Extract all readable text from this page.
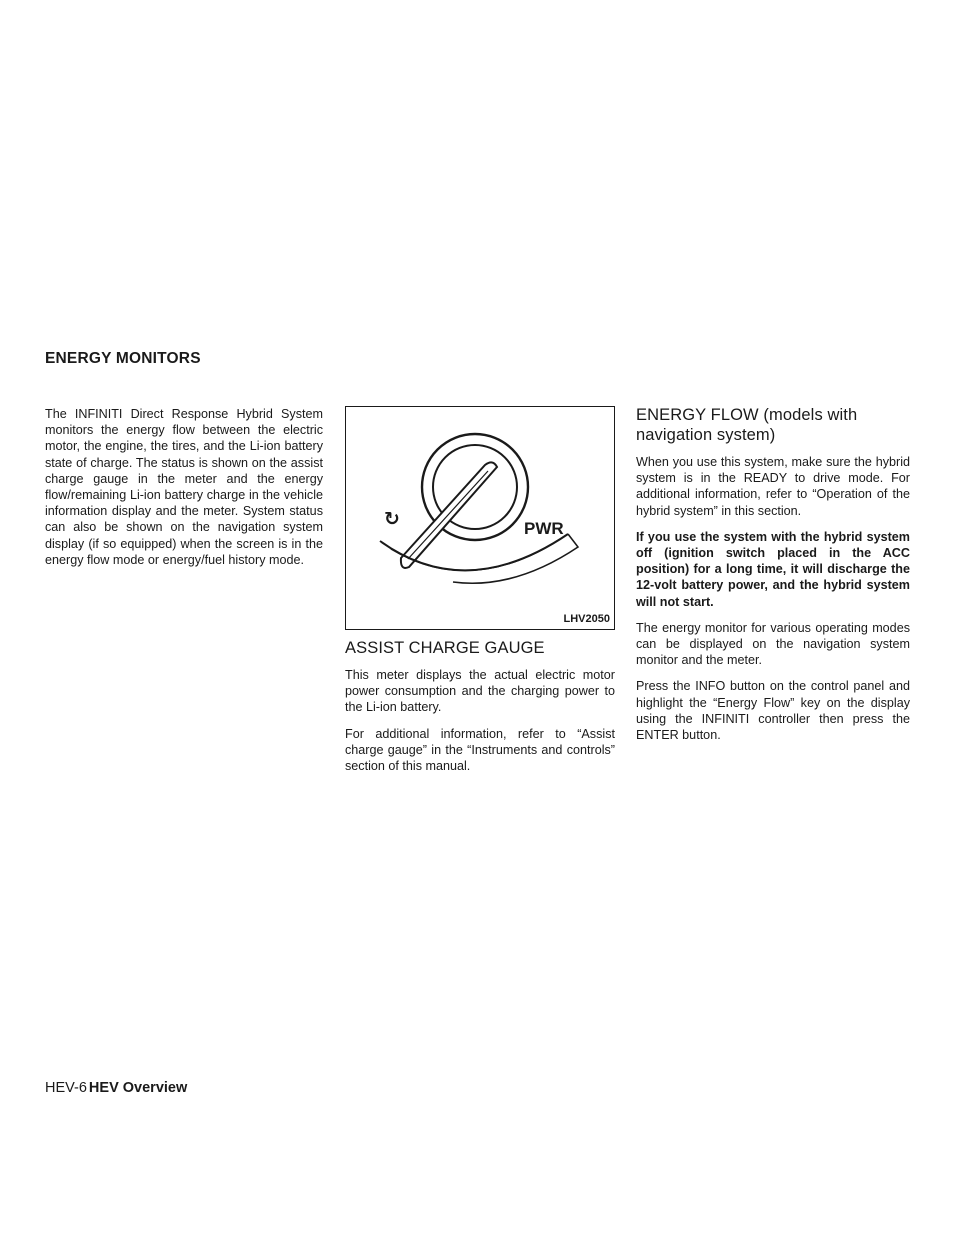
ENERGY MONITORS

The INFINITI Direct Response Hybrid System monitors the energy flow between the electric motor, the engine, the tires, and the Li-ion battery state of charge. The status is shown on the assist charge gauge in the meter and the energy flow/remaining Li-ion battery charge in the vehicle information display and the meter. System status can also be shown on the navigation system display (if so equipped) when the screen is in the energy flow mode or energy/fuel history mode.

↻	PWR
LHV2050
ASSIST CHARGE GAUGE

This meter displays the actual electric motor power consumption and the charging power to the Li-ion battery.

For additional information, refer to “Assist charge gauge” in the “Instruments and controls” section of this manual.

ENERGY FLOW (models with navigation system)

When you use this system, make sure the hybrid system is in the READY to drive mode. For additional information, refer to “Operation of the hybrid system” in this section.

If you use the system with the hybrid system off (ignition switch placed in the ACC position) for a long time, it will discharge the 12-volt battery power, and the hybrid system will not start.

The energy monitor for various operating modes can be displayed on the navigation system monitor and the meter.

Press the INFO button on the control panel and highlight the “Energy Flow” key on the display using the INFINITI controller then press the ENTER button.

HEV-6 HEV Overview
